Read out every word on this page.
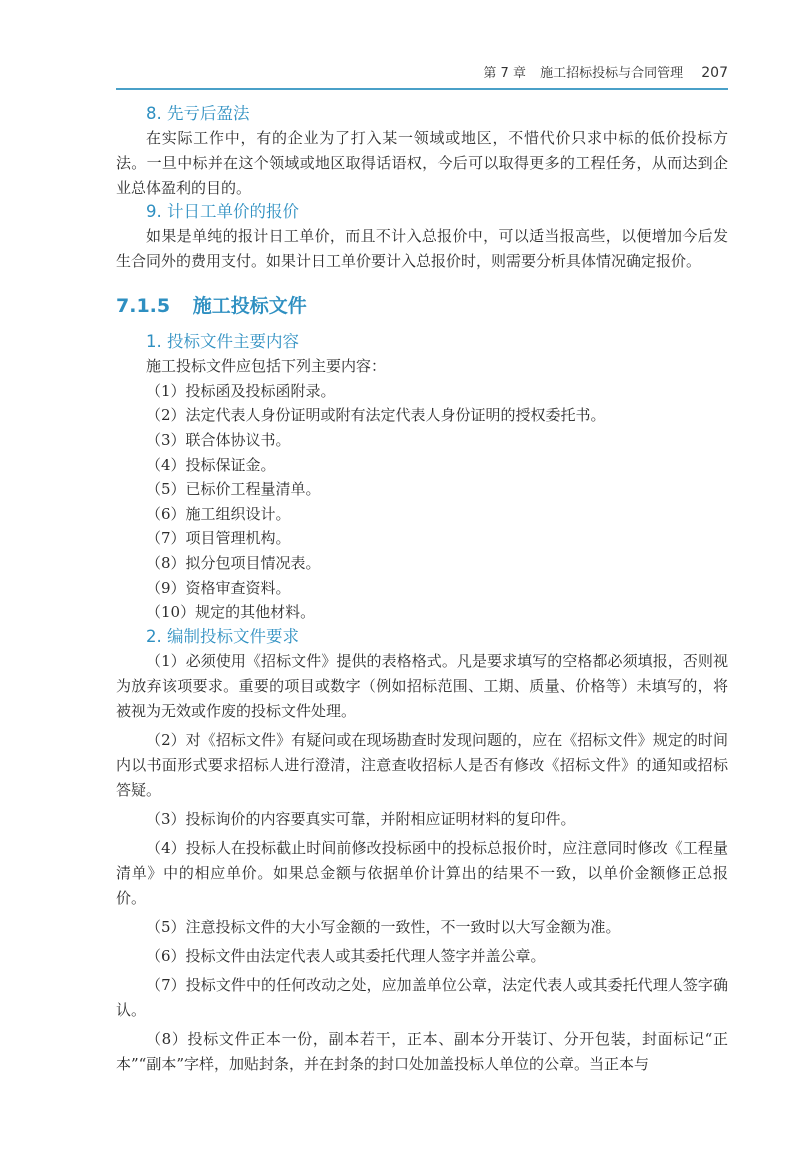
第 7 章 施工招标投标与合同管理 207
8. 先亏后盈法

在实际工作中，有的企业为了打入某一领域或地区，不惜代价只求中标的低价投标方法。一旦中标并在这个领域或地区取得话语权，今后可以取得更多的工程任务，从而达到企业总体盈利的目的。

9. 计日工单价的报价

如果是单纯的报计日工单价，而且不计入总报价中，可以适当报高些，以便增加今后发生合同外的费用支付。如果计日工单价要计入总报价时，则需要分析具体情况确定报价。

7.1.5 施工投标文件
1. 投标文件主要内容

施工投标文件应包括下列主要内容：

（1）投标函及投标函附录。
（2）法定代表人身份证明或附有法定代表人身份证明的授权委托书。
（3）联合体协议书。
（4）投标保证金。
（5）已标价工程量清单。
（6）施工组织设计。
（7）项目管理机构。
（8）拟分包项目情况表。
（9）资格审查资料。
（10）规定的其他材料。
2. 编制投标文件要求

（1）必须使用《招标文件》提供的表格格式。凡是要求填写的空格都必须填报，否则视为放弃该项要求。重要的项目或数字（例如招标范围、工期、质量、价格等）未填写的，将被视为无效或作废的投标文件处理。

（2）对《招标文件》有疑问或在现场勘查时发现问题的，应在《招标文件》规定的时间内以书面形式要求招标人进行澄清，注意查收招标人是否有修改《招标文件》的通知或招标答疑。

（3）投标询价的内容要真实可靠，并附相应证明材料的复印件。

（4）投标人在投标截止时间前修改投标函中的投标总报价时，应注意同时修改《工程量清单》中的相应单价。如果总金额与依据单价计算出的结果不一致，以单价金额修正总报价。

（5）注意投标文件的大小写金额的一致性，不一致时以大写金额为准。

（6）投标文件由法定代表人或其委托代理人签字并盖公章。

（7）投标文件中的任何改动之处，应加盖单位公章，法定代表人或其委托代理人签字确认。

（8）投标文件正本一份，副本若干，正本、副本分开装订、分开包装，封面标记“正本”“副本”字样，加贴封条，并在封条的封口处加盖投标人单位的公章。当正本与
